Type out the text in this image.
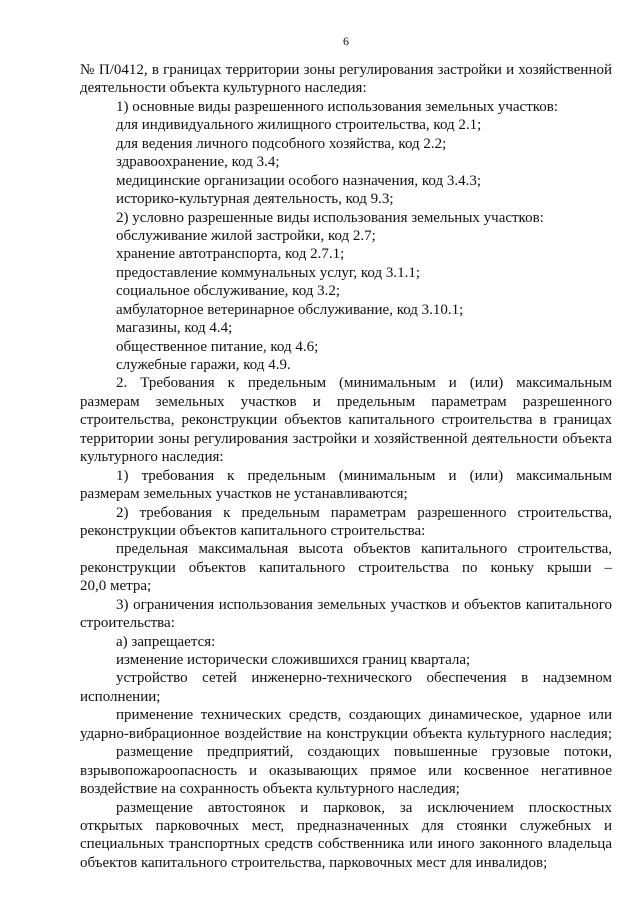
6
№ П/0412, в границах территории зоны регулирования застройки и хозяйственной
деятельности объекта культурного наследия:
1) основные виды разрешенного использования земельных участков:
для индивидуального жилищного строительства, код 2.1;
для ведения личного подсобного хозяйства, код 2.2;
здравоохранение, код 3.4;
медицинские организации особого назначения, код 3.4.3;
историко-культурная деятельность, код 9.3;
2) условно разрешенные виды использования земельных участков:
обслуживание жилой застройки, код 2.7;
хранение автотранспорта, код 2.7.1;
предоставление коммунальных услуг, код 3.1.1;
социальное обслуживание, код 3.2;
амбулаторное ветеринарное обслуживание, код 3.10.1;
магазины, код 4.4;
общественное питание, код 4.6;
служебные гаражи, код 4.9.
2. Требования к предельным (минимальным и (или) максимальным
размерам земельных участков и предельным параметрам разрешенного
строительства, реконструкции объектов капитального строительства в границах
территории зоны регулирования застройки и хозяйственной деятельности объекта
культурного наследия:
1) требования к предельным (минимальным и (или) максимальным
размерам земельных участков не устанавливаются;
2) требования к предельным параметрам разрешенного строительства,
реконструкции объектов капитального строительства:
предельная максимальная высота объектов капитального строительства,
реконструкции объектов капитального строительства по коньку крыши –
20,0 метра;
3) ограничения использования земельных участков и объектов капитального
строительства:
а) запрещается:
изменение исторически сложившихся границ квартала;
устройство сетей инженерно-технического обеспечения в надземном
исполнении;
применение технических средств, создающих динамическое, ударное или
ударно-вибрационное воздействие на конструкции объекта культурного наследия;
размещение предприятий, создающих повышенные грузовые потоки,
взрывопожароопасность и оказывающих прямое или косвенное негативное
воздействие на сохранность объекта культурного наследия;
размещение автостоянок и парковок, за исключением плоскостных
открытых парковочных мест, предназначенных для стоянки служебных и
специальных транспортных средств собственника или иного законного владельца
объектов капитального строительства, парковочных мест для инвалидов;
